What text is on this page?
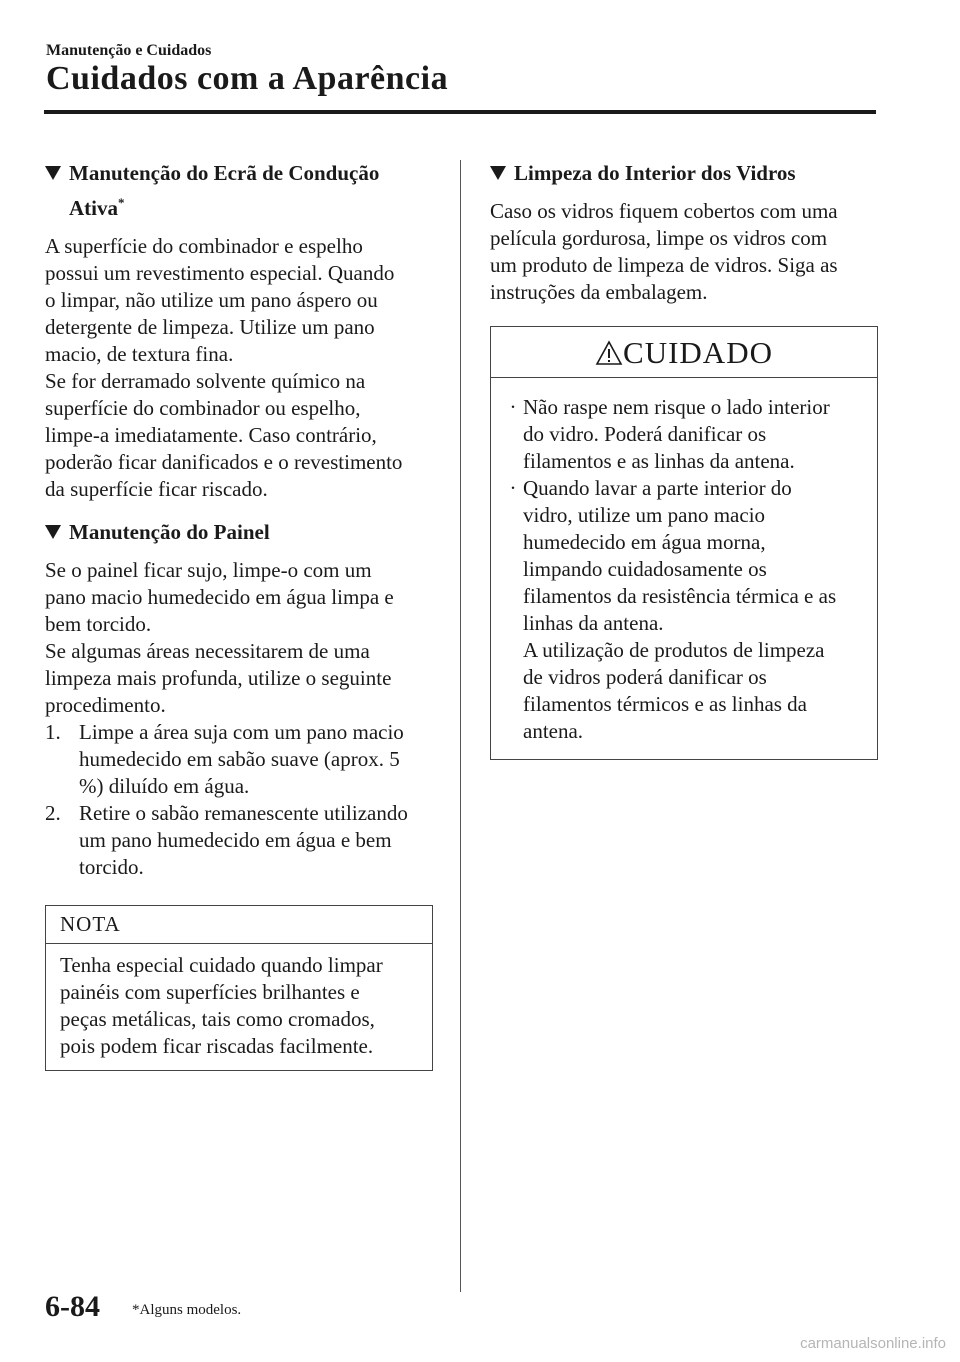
Manutenção e Cuidados
Cuidados com a Aparência
Manutenção do Ecrã de Condução Ativa*
A superfície do combinador e espelho
possui um revestimento especial. Quando
o limpar, não utilize um pano áspero ou
detergente de limpeza. Utilize um pano
macio, de textura fina.
Se for derramado solvente químico na
superfície do combinador ou espelho,
limpe-a imediatamente. Caso contrário,
poderão ficar danificados e o revestimento
da superfície ficar riscado.
Manutenção do Painel
Se o painel ficar sujo, limpe-o com um
pano macio humedecido em água limpa e
bem torcido.
Se algumas áreas necessitarem de uma
limpeza mais profunda, utilize o seguinte
procedimento.
1. Limpe a área suja com um pano macio
humedecido em sabão suave (aprox. 5
%) diluído em água.
2. Retire o sabão remanescente utilizando
um pano humedecido em água e bem
torcido.
NOTA
Tenha especial cuidado quando limpar
painéis com superfícies brilhantes e
peças metálicas, tais como cromados,
pois podem ficar riscadas facilmente.
Limpeza do Interior dos Vidros
Caso os vidros fiquem cobertos com uma
película gordurosa, limpe os vidros com
um produto de limpeza de vidros. Siga as
instruções da embalagem.
CUIDADO
· Não raspe nem risque o lado interior
do vidro. Poderá danificar os
filamentos e as linhas da antena.
· Quando lavar a parte interior do
vidro, utilize um pano macio
humedecido em água morna,
limpando cuidadosamente os
filamentos da resistência térmica e as
linhas da antena.
A utilização de produtos de limpeza
de vidros poderá danificar os
filamentos térmicos e as linhas da
antena.
6-84 *Alguns modelos.
carmanualsonline.info
